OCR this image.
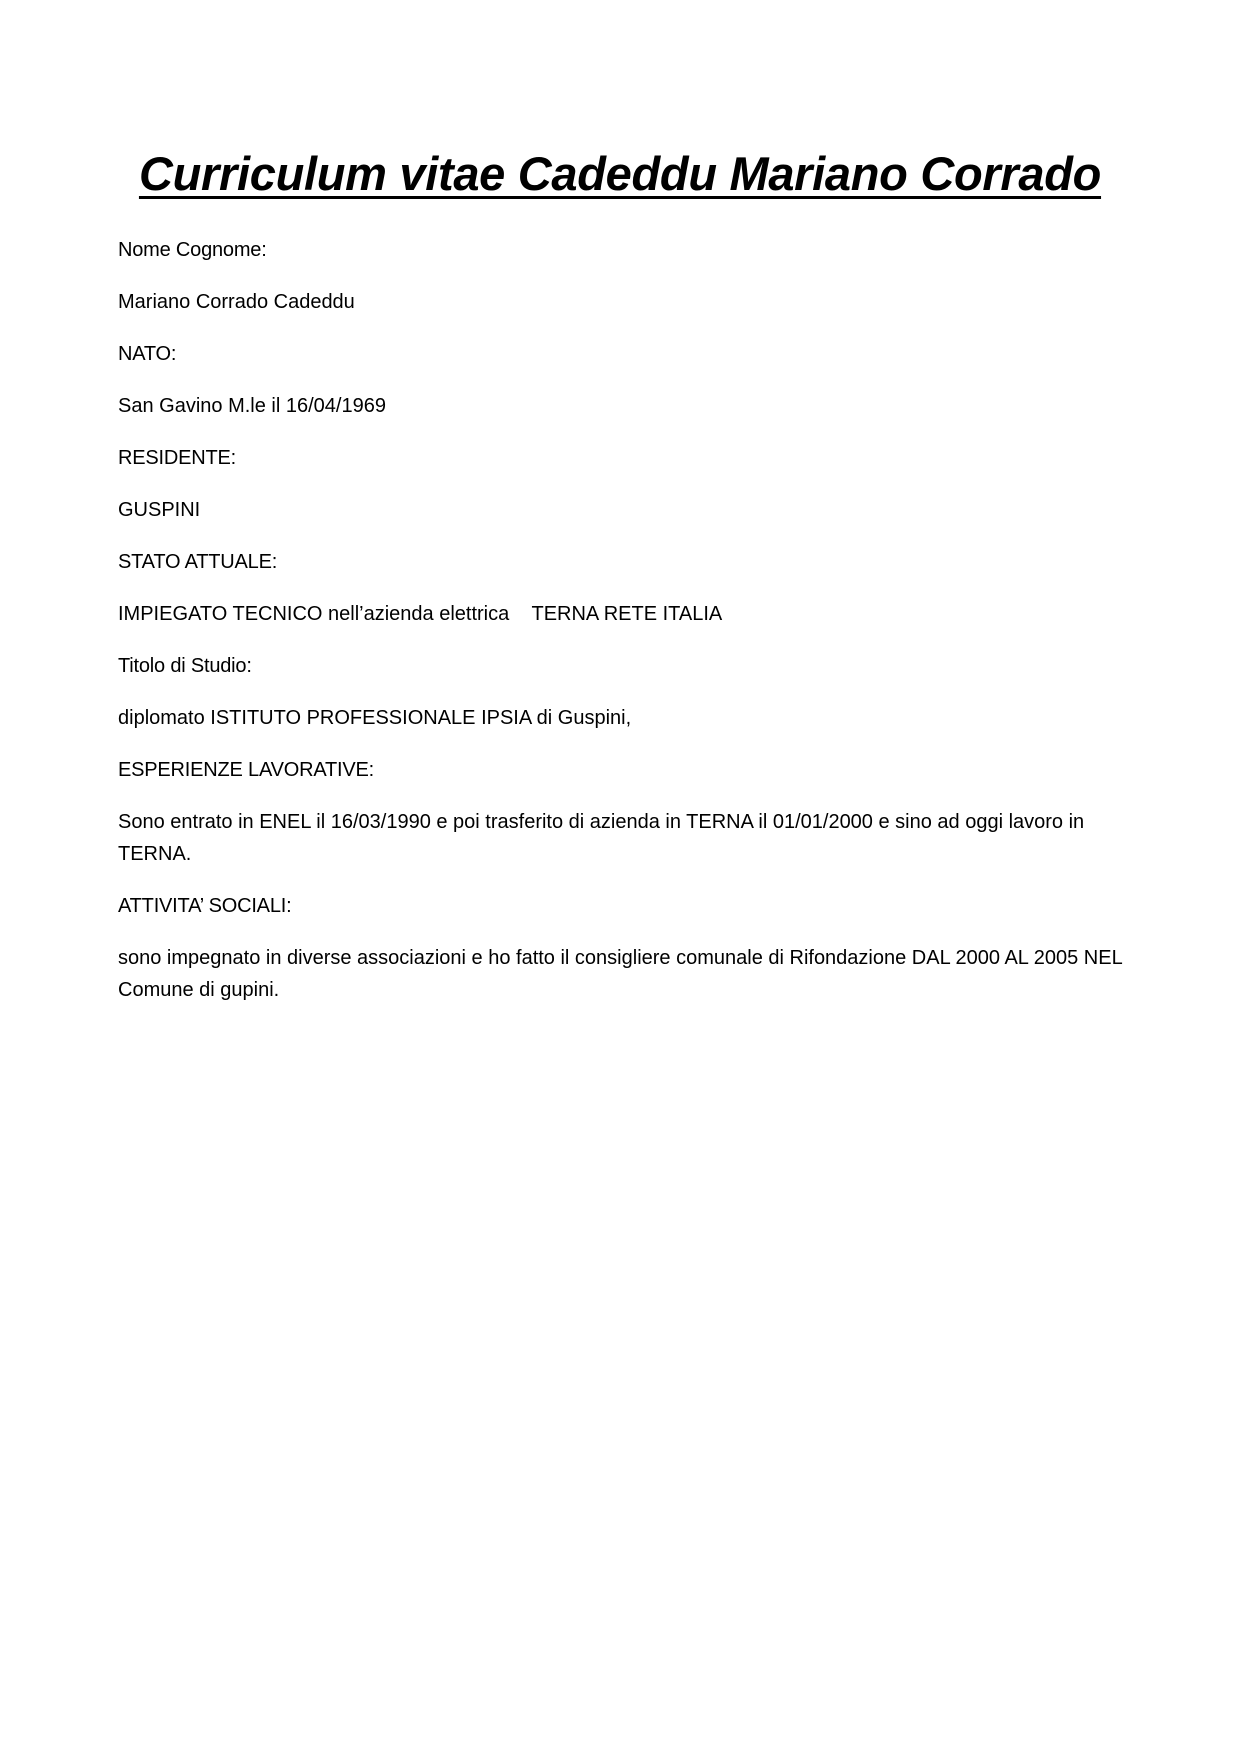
Curriculum vitae Cadeddu Mariano Corrado

Nome Cognome:

Mariano Corrado Cadeddu

NATO:

San Gavino M.le il 16/04/1969

RESIDENTE:

GUSPINI

STATO ATTUALE:

IMPIEGATO TECNICO nell’azienda elettrica    TERNA RETE ITALIA

Titolo di Studio:

diplomato ISTITUTO PROFESSIONALE IPSIA di Guspini,

ESPERIENZE LAVORATIVE:

Sono entrato in ENEL il 16/03/1990 e poi trasferito di azienda in TERNA il 01/01/2000 e sino ad oggi lavoro in TERNA.

ATTIVITA’ SOCIALI:

sono impegnato in diverse associazioni e ho fatto il consigliere comunale di Rifondazione DAL 2000 AL 2005 NEL Comune di gupini.
